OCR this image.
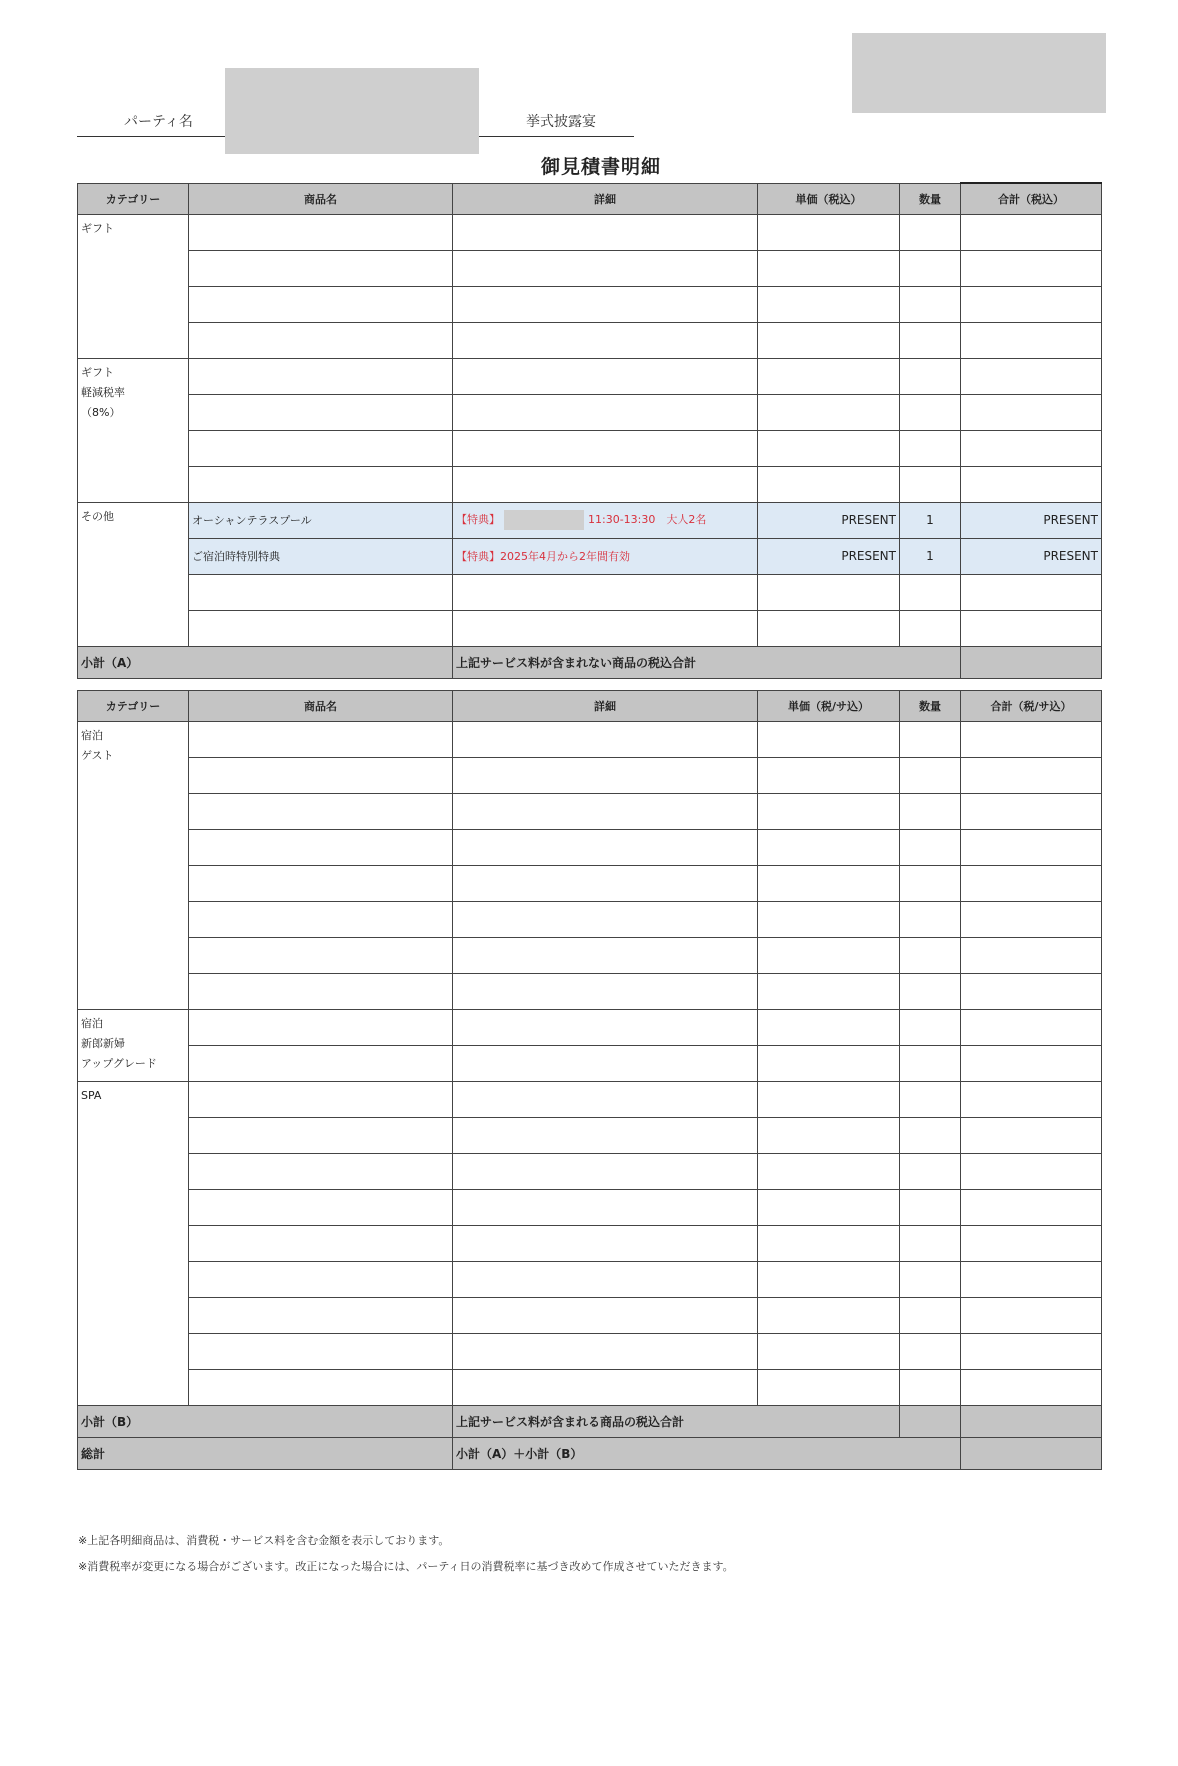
パーティ名	挙式披露宴
御見積書明細
カテゴリー	商品名	詳細	単価（税込）	数量	合計（税込）
ギフト					

ギフト
軽減税率
（8%）					

その他	オーシャンテラスプール	【特典】 11:30-13:30　大人2名	PRESENT	1	PRESENT
	ご宿泊時特別特典	【特典】2025年4月から2年間有効	PRESENT	1	PRESENT

小計（A）		上記サービス料が含まれない商品の税込合計			
カテゴリー	商品名	詳細	単価（税/サ込）	数量	合計（税/サ込）

宿泊
ゲスト					

宿泊
新郎新婦
アップグレード					

SPA					

小計（B）		上記サービス料が含まれる商品の税込合計			
総計		小計（A）＋小計（B）			
※上記各明細商品は、消費税・サービス料を含む金額を表示しております。
※消費税率が変更になる場合がございます。改正になった場合には、パーティ日の消費税率に基づき改めて作成させていただきます。
